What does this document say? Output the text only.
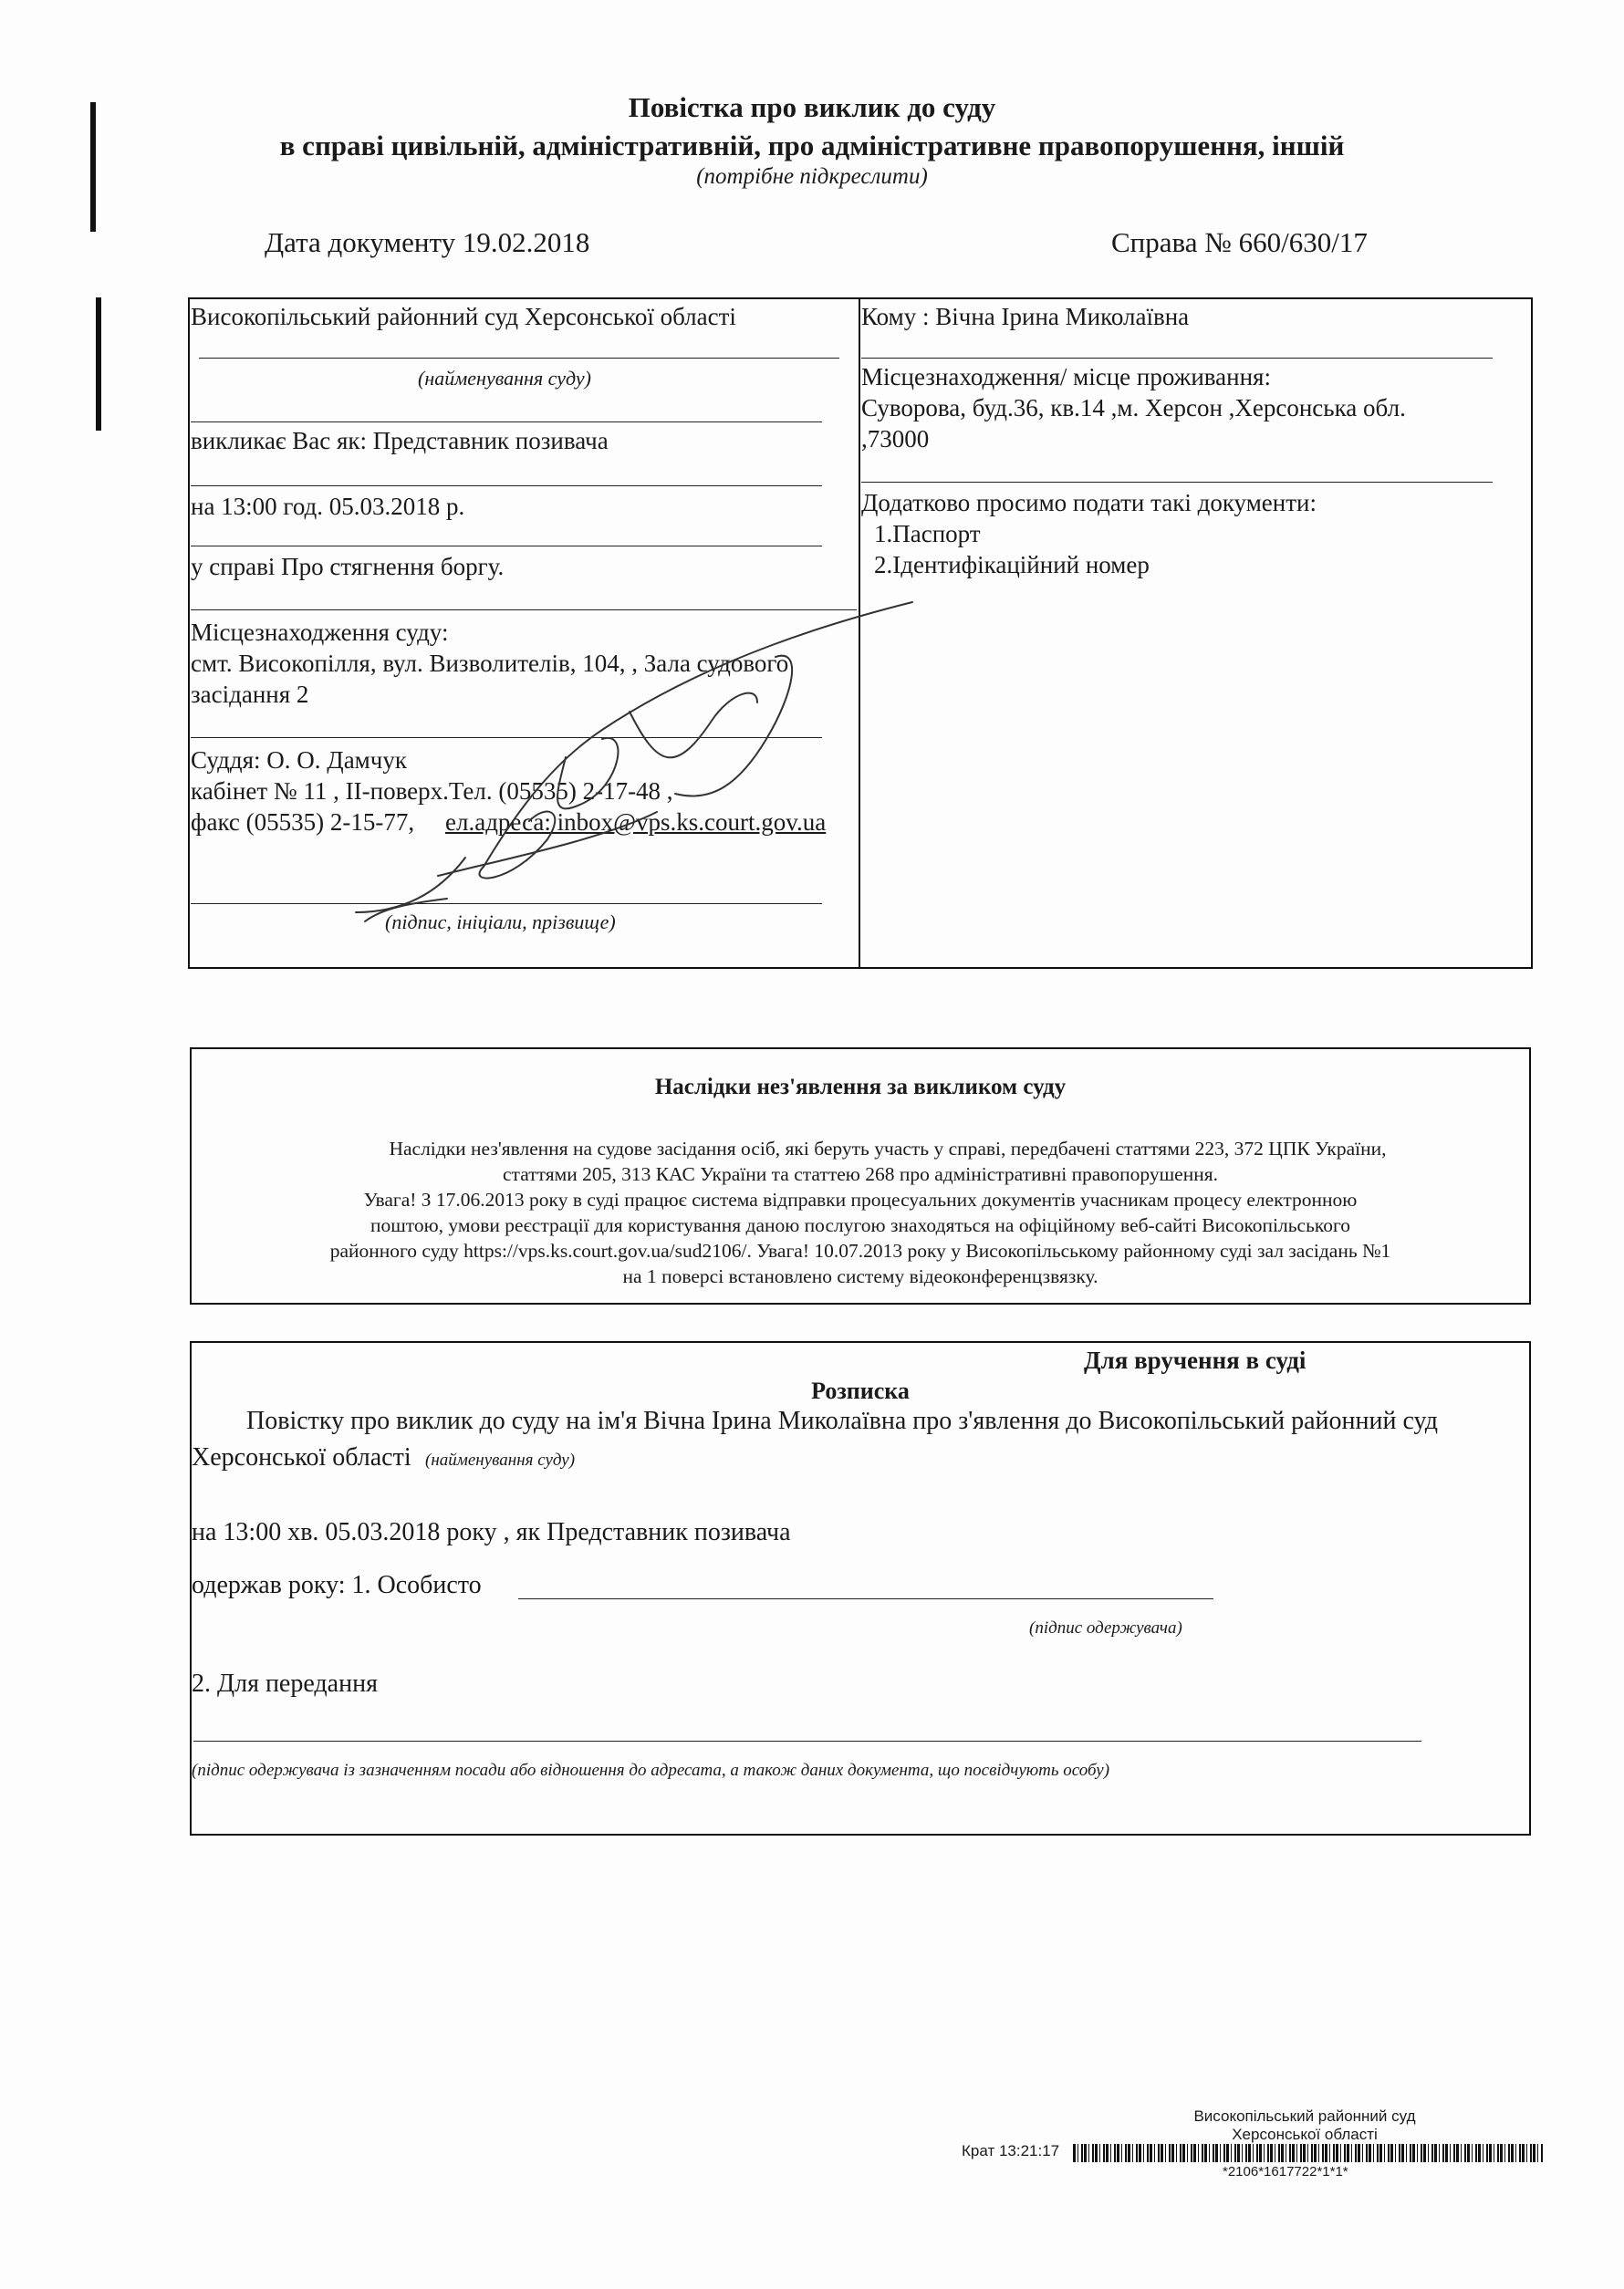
Повістка про виклик до суду
в справі цивільній, адміністративній, про адміністративне правопорушення, іншій
(потрібне підкреслити)
Дата документу 19.02.2018	Справа № 660/630/17
Високопільський районний суд Херсонської області
(найменування суду)
викликає Вас як: Представник позивача
на 13:00 год. 05.03.2018 р.
у справі Про стягнення боргу.
Місцезнаходження суду:
смт. Високопілля, вул. Визволителів, 104, , Зала судового
засідання 2
Суддя: О. О. Дамчук
кабінет № 11 , ІІ-поверх.Тел. (05535) 2-17-48 ,
факс (05535) 2-15-77, ел.адреса: inbox@vps.ks.court.gov.ua
(підпис, ініціали, прізвище)
Кому : Вічна Ірина Миколаївна
Місцезнаходження/ місце проживання:
Суворова, буд.36, кв.14 ,м. Херсон ,Херсонська обл.
,73000
Додатково просимо подати такі документи:
1.Паспорт
2.Ідентифікаційний номер
Наслідки нез'явлення за викликом суду
Наслідки нез'явлення на судове засідання осіб, які беруть участь у справі, передбачені статтями 223, 372 ЦПК України,
статтями 205, 313 КАС України та статтею 268 про адміністративні правопорушення.
Увага! З 17.06.2013 року в суді працює система відправки процесуальних документів учасникам процесу електронною
поштою, умови реєстрації для користування даною послугою знаходяться на офіційному веб-сайті Високопільського
районного суду https://vps.ks.court.gov.ua/sud2106/. Увага! 10.07.2013 року у Високопільському районному суді зал засідань №1
на 1 поверсі встановлено систему відеоконференцзвязку.
Для вручення в суді
Розписка
Повістку про виклик до суду на ім'я Вічна Ірина Миколаївна про з'явлення до Високопільський районний суд
Херсонської області (найменування суду)
на 13:00 хв. 05.03.2018 року , як Представник позивача
одержав року: 1. Особисто
(підпис одержувача)
2. Для передання
(підпис одержувача із зазначенням посади або відношення до адресата, а також даних документа, що посвідчують особу)
Високопільський районний суд
Херсонської області
Крат 13:21:17
*2106*1617722*1*1*
